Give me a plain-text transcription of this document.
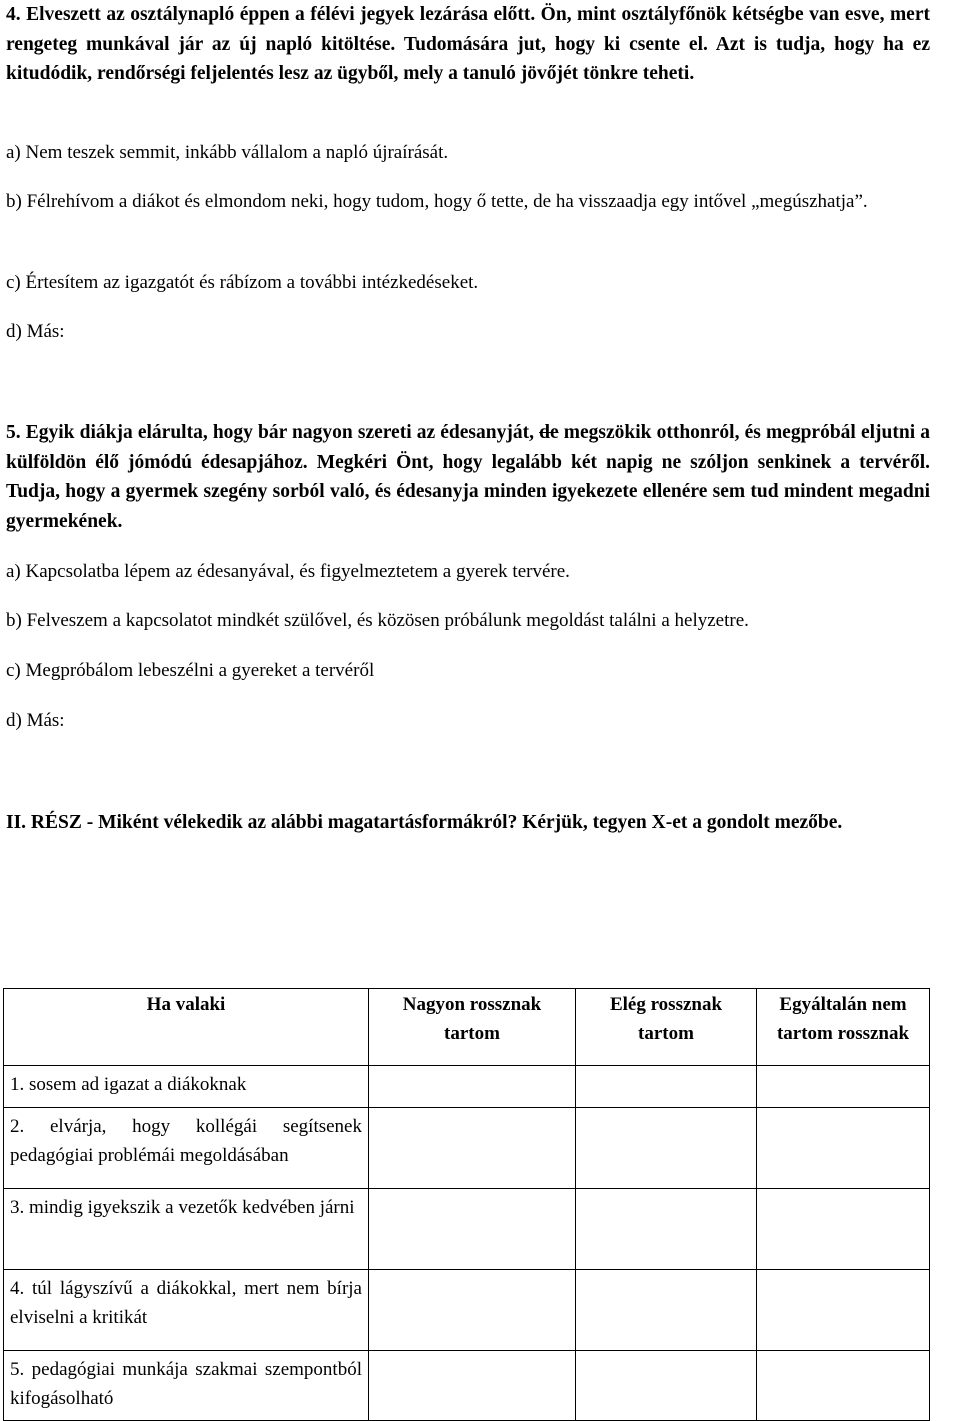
4. Elveszett az osztálynapló éppen a félévi jegyek lezárása előtt. Ön, mint osztályfőnök kétségbe van esve, mert rengeteg munkával jár az új napló kitöltése. Tudomására jut, hogy ki csente el. Azt is tudja, hogy ha ez kitudódik, rendőrségi feljelentés lesz az ügyből, mely a tanuló jövőjét tönkre teheti.

a) Nem teszek semmit, inkább vállalom a napló újraírását.

b) Félrehívom a diákot és elmondom neki, hogy tudom, hogy ő tette, de ha visszaadja egy intővel „megúszhatja”.

c) Értesítem az igazgatót és rábízom a további intézkedéseket.

d) Más:

5. Egyik diákja elárulta, hogy bár nagyon szereti az édesanyját, de megszökik otthonról, és megpróbál eljutni a külföldön élő jómódú édesapjához. Megkéri Önt, hogy legalább két napig ne szóljon senkinek a tervéről. Tudja, hogy a gyermek szegény sorból való, és édesanyja minden igyekezete ellenére sem tud mindent megadni gyermekének.

a) Kapcsolatba lépem az édesanyával, és figyelmeztetem a gyerek tervére.

b) Felveszem a kapcsolatot mindkét szülővel, és közösen próbálunk megoldást találni a helyzetre.

c) Megpróbálom lebeszélni a gyereket a tervéről

d) Más:

II. RÉSZ - Miként vélekedik az alábbi magatartásformákról? Kérjük, tegyen X-et a gondolt mezőbe.

Ha valaki	Nagyon rossznak tartom	Elég rossznak tartom	Egyáltalán nem tartom rossznak
1. sosem ad igazat a diákoknak			
2. elvárja, hogy kollégái segítsenek pedagógiai problémái megoldásában			
3. mindig igyekszik a vezetők kedvében járni			
4. túl lágyszívű a diákokkal, mert nem bírja elviselni a kritikát			
5. pedagógiai munkája szakmai szempontból kifogásolható			
